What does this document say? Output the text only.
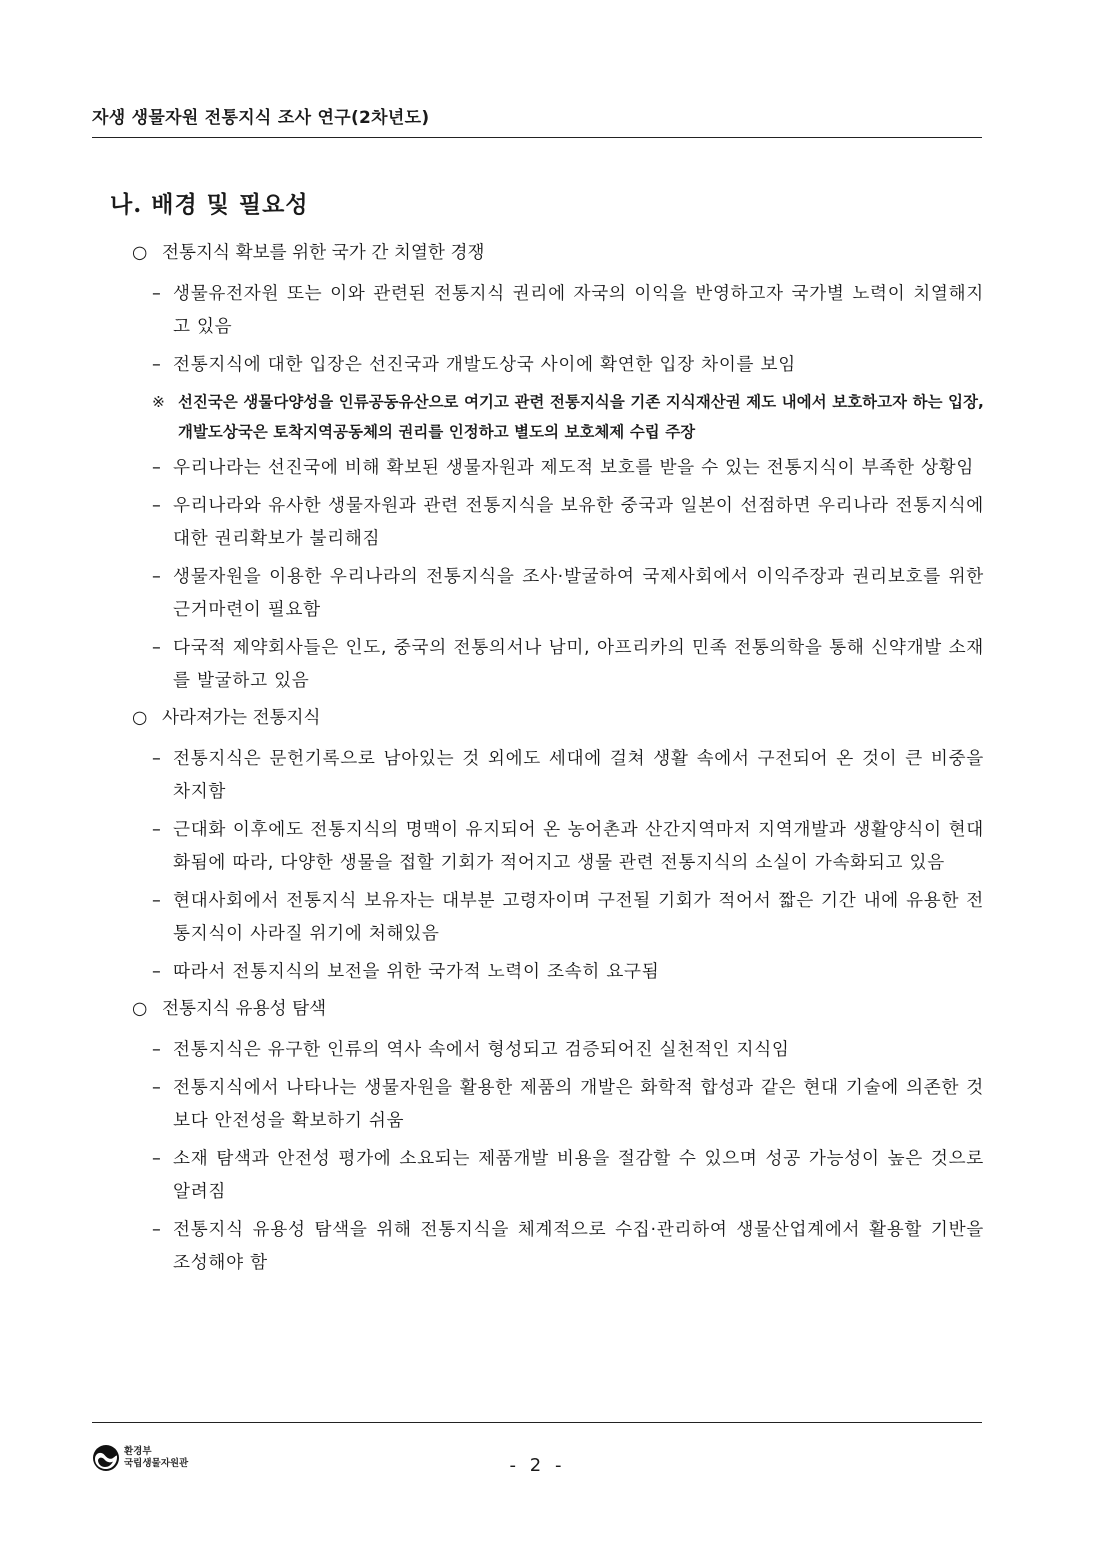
자생 생물자원 전통지식 조사 연구(2차년도)
나. 배경 및 필요성
○ 전통지식 확보를 위한 국가 간 치열한 경쟁
– 생물유전자원 또는 이와 관련된 전통지식 권리에 자국의 이익을 반영하고자 국가별 노력이 치열해지고 있음
– 전통지식에 대한 입장은 선진국과 개발도상국 사이에 확연한 입장 차이를 보임
※ 선진국은 생물다양성을 인류공동유산으로 여기고 관련 전통지식을 기존 지식재산권 제도 내에서 보호하고자 하는 입장, 개발도상국은 토착지역공동체의 권리를 인정하고 별도의 보호체제 수립 주장
– 우리나라는 선진국에 비해 확보된 생물자원과 제도적 보호를 받을 수 있는 전통지식이 부족한 상황임
– 우리나라와 유사한 생물자원과 관련 전통지식을 보유한 중국과 일본이 선점하면 우리나라 전통지식에 대한 권리확보가 불리해짐
– 생물자원을 이용한 우리나라의 전통지식을 조사·발굴하여 국제사회에서 이익주장과 권리보호를 위한 근거마련이 필요함
– 다국적 제약회사들은 인도, 중국의 전통의서나 남미, 아프리카의 민족 전통의학을 통해 신약개발 소재를 발굴하고 있음
○ 사라져가는 전통지식
– 전통지식은 문헌기록으로 남아있는 것 외에도 세대에 걸쳐 생활 속에서 구전되어 온 것이 큰 비중을 차지함
– 근대화 이후에도 전통지식의 명맥이 유지되어 온 농어촌과 산간지역마저 지역개발과 생활양식이 현대화됨에 따라, 다양한 생물을 접할 기회가 적어지고 생물 관련 전통지식의 소실이 가속화되고 있음
– 현대사회에서 전통지식 보유자는 대부분 고령자이며 구전될 기회가 적어서 짧은 기간 내에 유용한 전통지식이 사라질 위기에 처해있음
– 따라서 전통지식의 보전을 위한 국가적 노력이 조속히 요구됨
○ 전통지식 유용성 탐색
– 전통지식은 유구한 인류의 역사 속에서 형성되고 검증되어진 실천적인 지식임
– 전통지식에서 나타나는 생물자원을 활용한 제품의 개발은 화학적 합성과 같은 현대 기술에 의존한 것보다 안전성을 확보하기 쉬움
– 소재 탐색과 안전성 평가에 소요되는 제품개발 비용을 절감할 수 있으며 성공 가능성이 높은 것으로 알려짐
– 전통지식 유용성 탐색을 위해 전통지식을 체계적으로 수집·관리하여 생물산업계에서 활용할 기반을 조성해야 함
환경부
국립생물자원관	- 2 -
